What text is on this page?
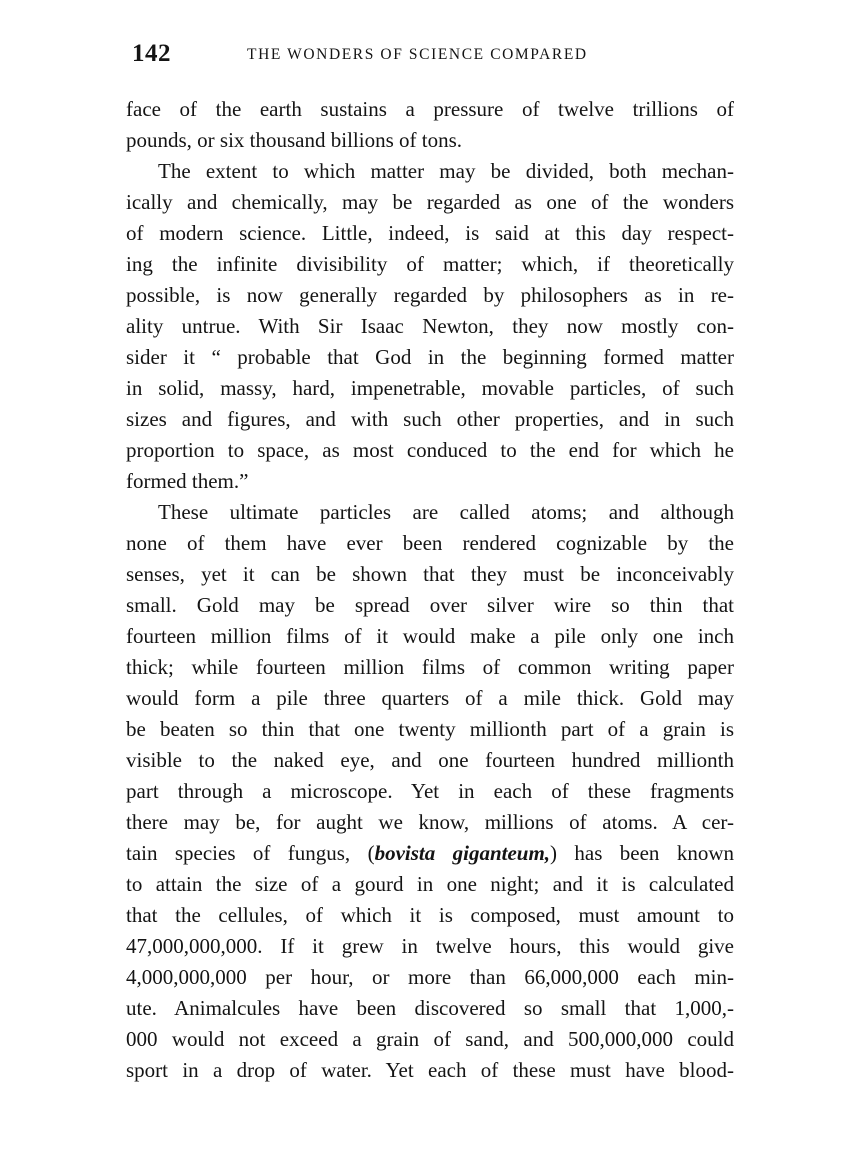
142	THE WONDERS OF SCIENCE COMPARED
face of the earth sustains a pressure of twelve trillions of
pounds, or six thousand billions of tons.
The extent to which matter may be divided, both mechan-
ically and chemically, may be regarded as one of the wonders
of modern science. Little, indeed, is said at this day respect-
ing the infinite divisibility of matter; which, if theoretically
possible, is now generally regarded by philosophers as in re-
ality untrue. With Sir Isaac Newton, they now mostly con-
sider it “ probable that God in the beginning formed matter
in solid, massy, hard, impenetrable, movable particles, of such
sizes and figures, and with such other properties, and in such
proportion to space, as most conduced to the end for which he
formed them.”
These ultimate particles are called atoms; and although
none of them have ever been rendered cognizable by the
senses, yet it can be shown that they must be inconceivably
small. Gold may be spread over silver wire so thin that
fourteen million films of it would make a pile only one inch
thick; while fourteen million films of common writing paper
would form a pile three quarters of a mile thick. Gold may
be beaten so thin that one twenty millionth part of a grain is
visible to the naked eye, and one fourteen hundred millionth
part through a microscope. Yet in each of these fragments
there may be, for aught we know, millions of atoms. A cer-
tain species of fungus, (bovista giganteum,) has been known
to attain the size of a gourd in one night; and it is calculated
that the cellules, of which it is composed, must amount to
47,000,000,000. If it grew in twelve hours, this would give
4,000,000,000 per hour, or more than 66,000,000 each min-
ute. Animalcules have been discovered so small that 1,000,-
000 would not exceed a grain of sand, and 500,000,000 could
sport in a drop of water. Yet each of these must have blood-
